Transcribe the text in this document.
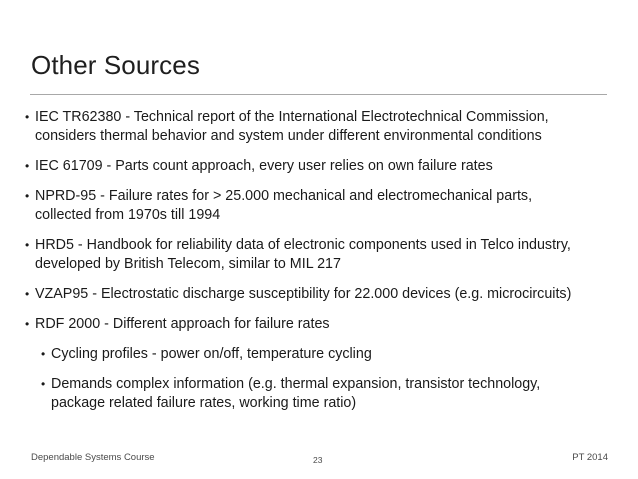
Other Sources
• IEC TR62380 - Technical report of the International Electrotechnical Commission,
considers thermal behavior and system under different environmental conditions
• IEC 61709 - Parts count approach, every user relies on own failure rates
• NPRD-95 - Failure rates for > 25.000 mechanical and electromechanical parts,
collected from 1970s till 1994
• HRD5 - Handbook for reliability data of electronic components used in Telco industry,
developed by British Telecom, similar to MIL 217
• VZAP95 - Electrostatic discharge susceptibility for 22.000 devices (e.g. microcircuits)
• RDF 2000 - Different approach for failure rates
• Cycling profiles - power on/off, temperature cycling
• Demands complex information (e.g. thermal expansion, transistor technology,
package related failure rates, working time ratio)
Dependable Systems Course	23	PT 2014
